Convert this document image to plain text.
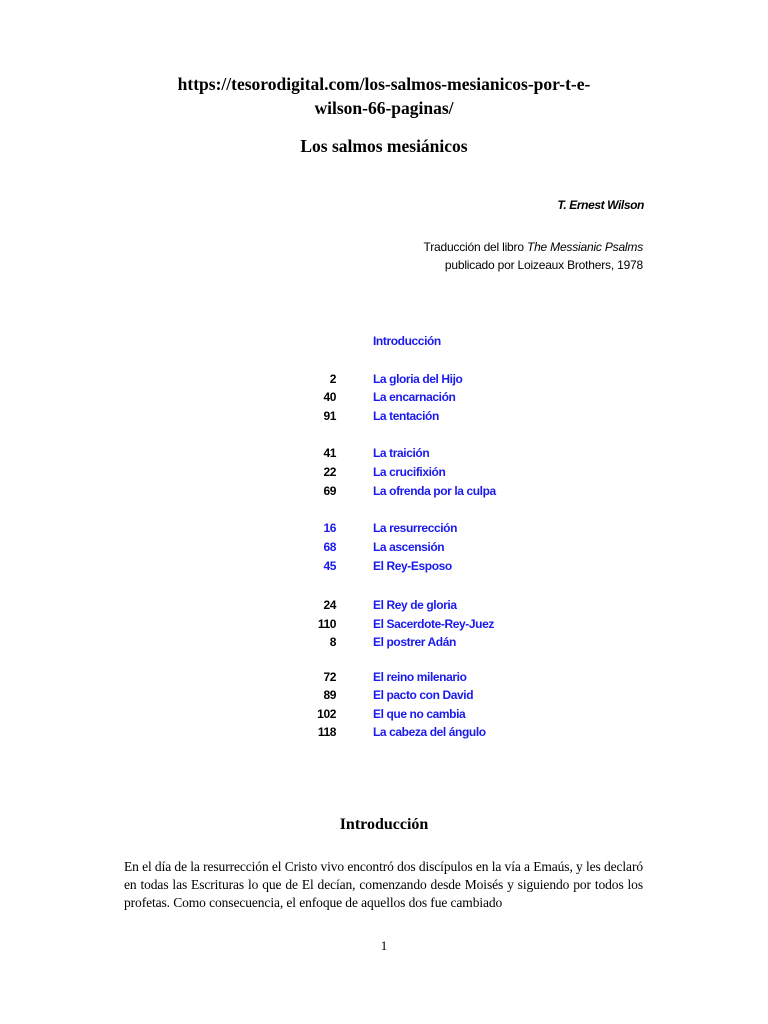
https://tesorodigital.com/los-salmos-mesianicos-por-t-e-
wilson-66-paginas/
Los salmos mesiánicos
T. Ernest Wilson
Traducción del libro The Messianic Psalms
publicado por Loizeaux Brothers, 1978
Introducción
2	La gloria del Hijo
40	La encarnación
91	La tentación
41	La traición
22	La crucifixión
69	La ofrenda por la culpa
16	La resurrección
68	La ascensión
45	El Rey-Esposo
24	El Rey de gloria
110	El Sacerdote-Rey-Juez
8	El postrer Adán
72	El reino milenario
89	El pacto con David
102	El que no cambia
118	La cabeza del ángulo
Introducción
En el día de la resurrección el Cristo vivo encontró dos discípulos en la vía a Emaús, y les declaró en todas las Escrituras lo que de El decían, comenzando desde Moisés y siguiendo por todos los profetas. Como consecuencia, el enfoque de aquellos dos fue cambiado
1
